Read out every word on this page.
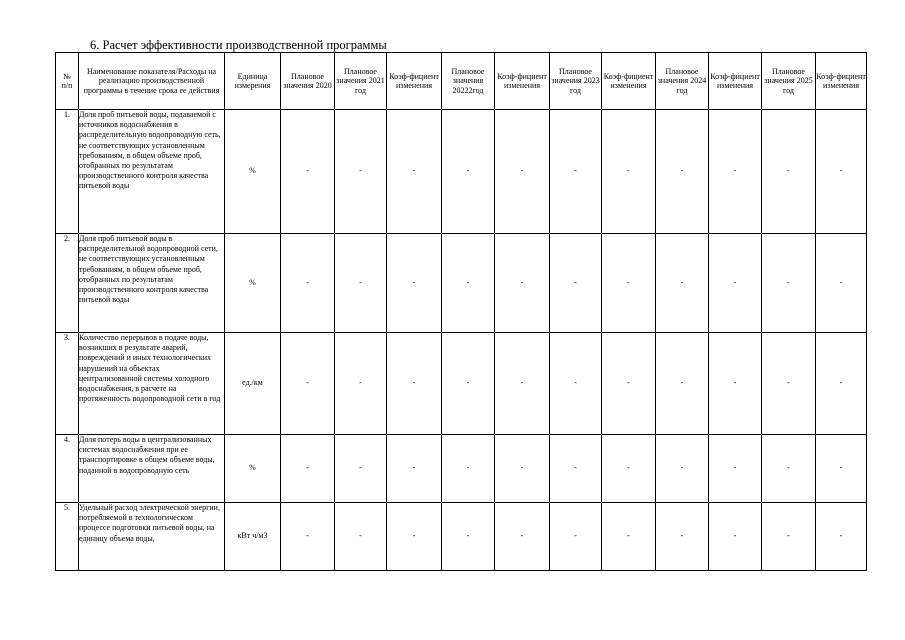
6. Расчет эффективности производственной программы
№
п/п	Наименование показателя/Расходы на реализацию производственной программы в течение срока ее действия	Единица измерения	Плановое значения 2020	Плановое значения 2021 год	Коэф-фициент изменения	Плановое значения 20222год	Коэф-фициент изменения	Плановое значения 2023 год	Коэф-фициент изменения	Плановое значения 2024 год	Коэф-фициент изменения	Плановое значения 2025 год	Коэф-фициент изменения
1.	Доля проб питьевой воды, подаваемой с источников водоснабжения в распределительную водопроводную сеть, не соответствующих установленным требованиям, в общем объеме проб, отобранных по результатам производственного контроля качества питьевой воды	%	-	-	-	-	-	-	-	-	-	-	-
2.	Доля проб питьевой воды в распределительной водопроводной сети, не соответствующих установленным требованиям, в общем объеме проб, отобранных по результатам производственного контроля качества питьевой воды	%	-	-	-	-	-	-	-	-	-	-	-
3.	Количество перерывов в подаче воды, возникших в результате аварий, повреждений и иных технологических нарушений на объектах централизованной системы холодного водоснабжения, в расчете на протяженность водопроводной сети в год	ед./км	-	-	-	-	-	-	-	-	-	-	-
4.	Доля потерь воды в централизованных системах водоснабжения при ее транспортировке в общем объеме воды, поданной в водопроводную сеть	%	-	-	-	-	-	-	-	-	-	-	-
5.	Удельный расход электрической энергии, потребляемой в технологическом процессе подготовки питьевой воды, на единицу объема воды,	кВт ч/м3	-	-	-	-	-	-	-	-	-	-	-
